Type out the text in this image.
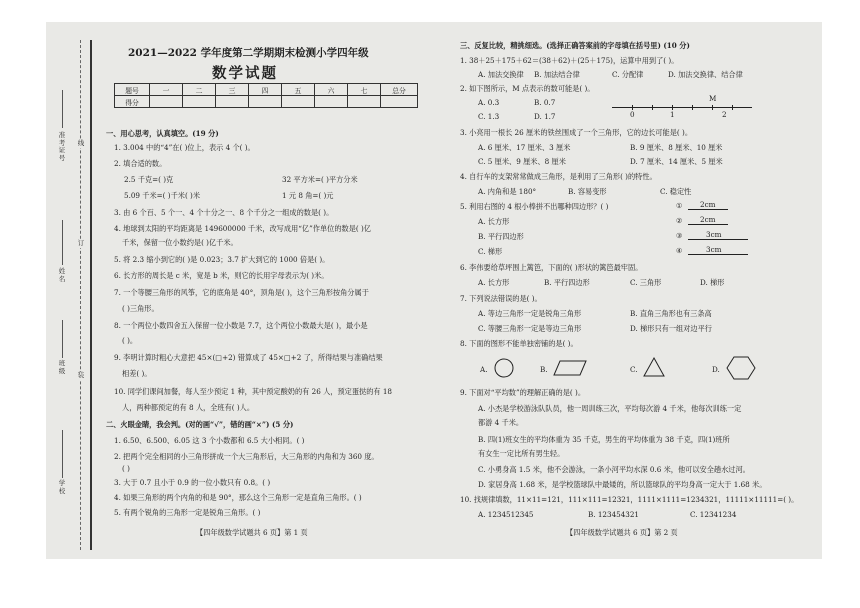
准考证号
姓名
班级
学校
线
订
装
2021—2022 学年度第二学期期末检测小学四年级
数学试题
题号	一	二	三	四	五	六	七	总分
得分								
一、用心思考，认真填空。(19 分)
1. 3.004 中的“4”在( )位上，表示 4 个( )。
2. 填合适的数。
2.5 千克=( )克	32 平方米=( )平方分米
5.09 千米=( )千米( )米	1 元 8 角=( )元
3. 由 6 个百、5 个一、4 个十分之一、8 个千分之一组成的数是( )。
4. 地球到太阳的平均距离是 149600000 千米，改写成用“亿”作单位的数是( )亿
千米，保留一位小数约是( )亿千米。
5. 将 2.3 缩小到它的( )是 0.023；3.7 扩大到它的 1000 倍是( )。
6. 长方形的周长是 c 米，宽是 b 米，则它的长用字母表示为( )米。
7. 一个等腰三角形的风筝，它的底角是 40°，顶角是( )，这个三角形按角分属于
( )三角形。
8. 一个两位小数四舍五入保留一位小数是 7.7，这个两位小数最大是( )，最小是
( )。
9. 李明计算时粗心大意把 45×(□+2) 错算成了 45×□+2 了，所得结果与准确结果
相差( )。
10. 同学们课间加餐，每人至少预定 1 种，其中预定酸奶的有 26 人，预定蛋挞的有 18
人，两种都预定的有 8 人，全班有( )人。
二、火眼金睛，我会判。(对的画“√”，错的画“×”) (5 分)
1. 6.50、6.500、6.05 这 3 个小数都和 6.5 大小相同。( )
2. 把两个完全相同的小三角形拼成一个大三角形后，大三角形的内角和为 360 度。
( )
3. 大于 0.7 且小于 0.9 的一位小数只有 0.8。( )
4. 如果三角形的两个内角的和是 90°，那么这个三角形一定是直角三角形。( )
5. 有两个锐角的三角形一定是锐角三角形。( )
【四年级数学试题共 6 页】第 1 页
三、反复比较，精挑细选。(选择正确答案前的字母填在括号里) (10 分)
1. 38＋25＋175＋62＝(38＋62)＋(25＋175)，运算中用到了( )。
A. 加法交换律 B. 加法结合律	C. 分配律	D. 加法交换律、结合律
2. 如下图所示，M 点表示的数可能是( )。
A. 0.3	B. 0.7
C. 1.3	D. 1.7	0	1	2
M
3. 小亮用一根长 26 厘米的铁丝围成了一个三角形，它的边长可能是( )。
A. 6 厘米、17 厘米、3 厘米	B. 9 厘米、8 厘米、10 厘米
C. 5 厘米、9 厘米、8 厘米	D. 7 厘米、14 厘米、5 厘米
4. 自行车的支架常常做成三角形，是利用了三角形( )的特性。
A. 内角和是 180°	B. 容易变形	C. 稳定性
5. 利用右图的 4 根小棒拼不出哪种四边形？( )
A. 长方形
B. 平行四边形
C. 梯形
① 2cm
② 2cm
③	3cm
④	3cm
6. 李伟要给草坪围上篱笆，下面的( )形状的篱笆最牢固。
A. 长方形	B. 平行四边形	C. 三角形	D. 梯形
7. 下列说法错误的是( )。
A. 等边三角形一定是锐角三角形	B. 直角三角形也有三条高
C. 等腰三角形一定是等边三角形	D. 梯形只有一组对边平行
8. 下面的图形不能单独密铺的是( )。
A.	B.	C.	D.
9. 下面对“平均数”的理解正确的是( )。
A. 小杰是学校游泳队队员，他一周训练三次，平均每次游 4 千米，他每次训练一定
都游 4 千米。
B. 四(1)班女生的平均体重为 35 千克，男生的平均体重为 38 千克，四(1)班所
有女生一定比所有男生轻。
C. 小勇身高 1.5 米，他不会游泳，一条小河平均水深 0.6 米，他可以安全趟水过河。
D. 家居身高 1.68 米，是学校篮球队中最矮的，所以篮球队的平均身高一定大于 1.68 米。
10. 找规律填数，11×11=121，111×111=12321，1111×1111=1234321，11111×11111=( )。
A. 1234512345	B. 123454321	C. 12341234
【四年级数学试题共 6 页】第 2 页
